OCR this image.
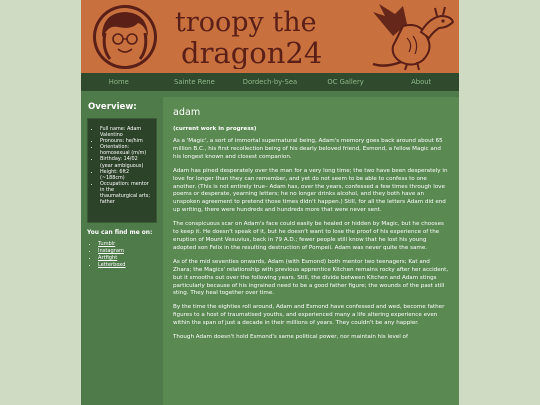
troopy the
dragon24
Home	Sainte Rene	Dordech-by-Sea	OC Gallery	About
Overview:
• Full name: Adam Valentino
• Pronouns: he/him
• Orientation: homosexual (m/m)
• Birthday: 14/02 (year ambiguous)
• Height: 6ft2 (~188cm)
• Occupation: mentor in the thaumaturgical arts; father
You can find me on:
• Tumblr
• Instagram
• Artfight
• Letterboxd
adam
(current work in progress)

As a 'Magic', a sort of immortal supernatural being, Adam's memory goes back around about 65 million B.C., his first recollection being of his dearly beloved friend, Esmond, a fellow Magic and his longest known and closest companion.

Adam has pined desperately over the man for a very long time; the two have been desperately in love for longer than they can remember, and yet do not seem to be able to confess to one another. (This is not entirely true– Adam has, over the years, confessed a few times through love poems or desperate, yearning letters; he no longer drinks alcohol, and they both have an unspoken agreement to pretend those times didn't happen.) Still, for all the letters Adam did end up writing, there were hundreds and hundreds more that were never sent.

The conspicuous scar on Adam's face could easily be healed or hidden by Magic, but he chooses to keep it. He doesn't speak of it, but he doesn't want to lose the proof of his experience of the eruption of Mount Vesuvius, back in 79 A.D.; fewer people still know that he lost his young adopted son Felix in the resulting destruction of Pompeii. Adam was never quite the same.

As of the mid seventies onwards, Adam (with Esmond) both mentor two teenagers; Kat and Zhara; the Magics' relationship with previous apprentice Kitchen remains rocky after her accident, but it smooths out over the following years. Still, the divide between Kitchen and Adam stings particularly because of his ingrained need to be a good father figure; the wounds of the past still sting. They heal together over time.

By the time the eighties roll around, Adam and Esmond have confessed and wed, become father figures to a host of traumatised youths, and experienced many a life altering experience even within the span of just a decade in their millions of years. They couldn't be any happier.

Though Adam doesn't hold Esmond's same political power, nor maintain his level of
